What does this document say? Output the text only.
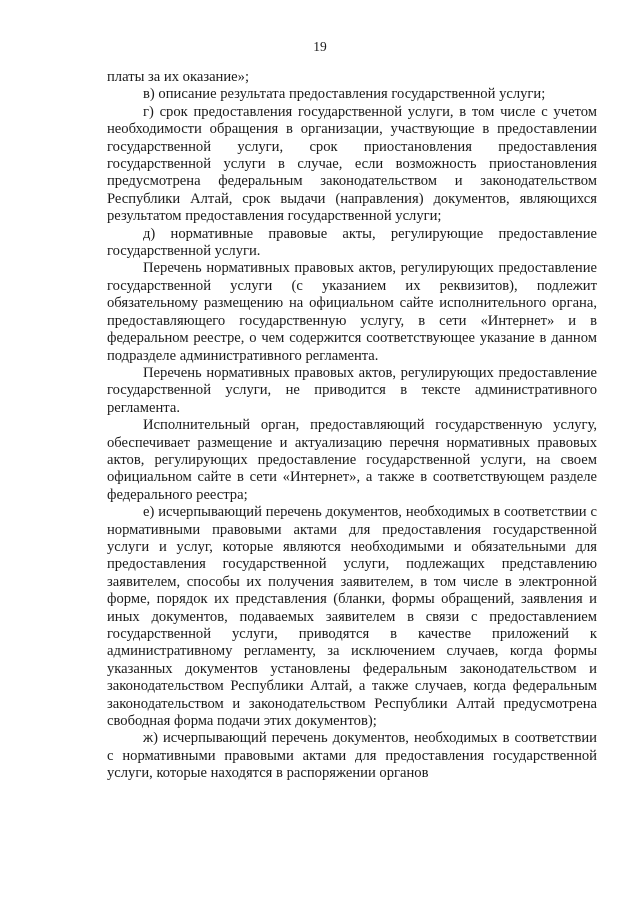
19

платы за их оказание»;

в) описание результата предоставления государственной услуги;

г) срок предоставления государственной услуги, в том числе с учетом необходимости обращения в организации, участвующие в предоставлении государственной услуги, срок приостановления предоставления государственной услуги в случае, если возможность приостановления предусмотрена федеральным законодательством и законодательством Республики Алтай, срок выдачи (направления) документов, являющихся результатом предоставления государственной услуги;

д) нормативные правовые акты, регулирующие предоставление государственной услуги.

Перечень нормативных правовых актов, регулирующих предоставление государственной услуги (с указанием их реквизитов), подлежит обязательному размещению на официальном сайте исполнительного органа, предоставляющего государственную услугу, в сети «Интернет» и в федеральном реестре, о чем содержится соответствующее указание в данном подразделе административного регламента.

Перечень нормативных правовых актов, регулирующих предоставление государственной услуги, не приводится в тексте административного регламента.

Исполнительный орган, предоставляющий государственную услугу, обеспечивает размещение и актуализацию перечня нормативных правовых актов, регулирующих предоставление государственной услуги, на своем официальном сайте в сети «Интернет», а также в соответствующем разделе федерального реестра;

е) исчерпывающий перечень документов, необходимых в соответствии с нормативными правовыми актами для предоставления государственной услуги и услуг, которые являются необходимыми и обязательными для предоставления государственной услуги, подлежащих представлению заявителем, способы их получения заявителем, в том числе в электронной форме, порядок их представления (бланки, формы обращений, заявления и иных документов, подаваемых заявителем в связи с предоставлением государственной услуги, приводятся в качестве приложений к административному регламенту, за исключением случаев, когда формы указанных документов установлены федеральным законодательством и законодательством Республики Алтай, а также случаев, когда федеральным законодательством и законодательством Республики Алтай предусмотрена свободная форма подачи этих документов);

ж) исчерпывающий перечень документов, необходимых в соответствии с нормативными правовыми актами для предоставления государственной услуги, которые находятся в распоряжении органов
